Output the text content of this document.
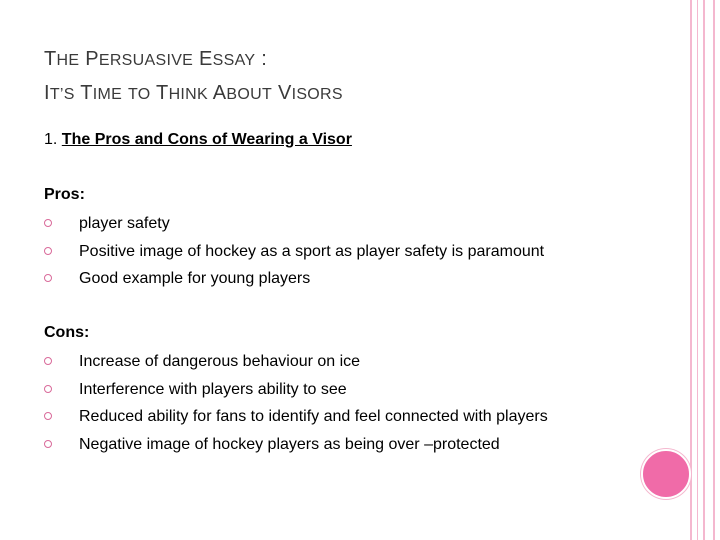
THE PERSUASIVE ESSAY :
IT’S TIME TO THINK ABOUT VISORS
1. The Pros and Cons of Wearing a Visor
Pros:
player safety
Positive image of hockey as a sport as player safety is paramount
Good example for young players
Cons:
Increase of dangerous behaviour on ice
Interference with players ability to see
Reduced ability for fans to identify and feel connected with players
Negative image of hockey players as being over –protected
